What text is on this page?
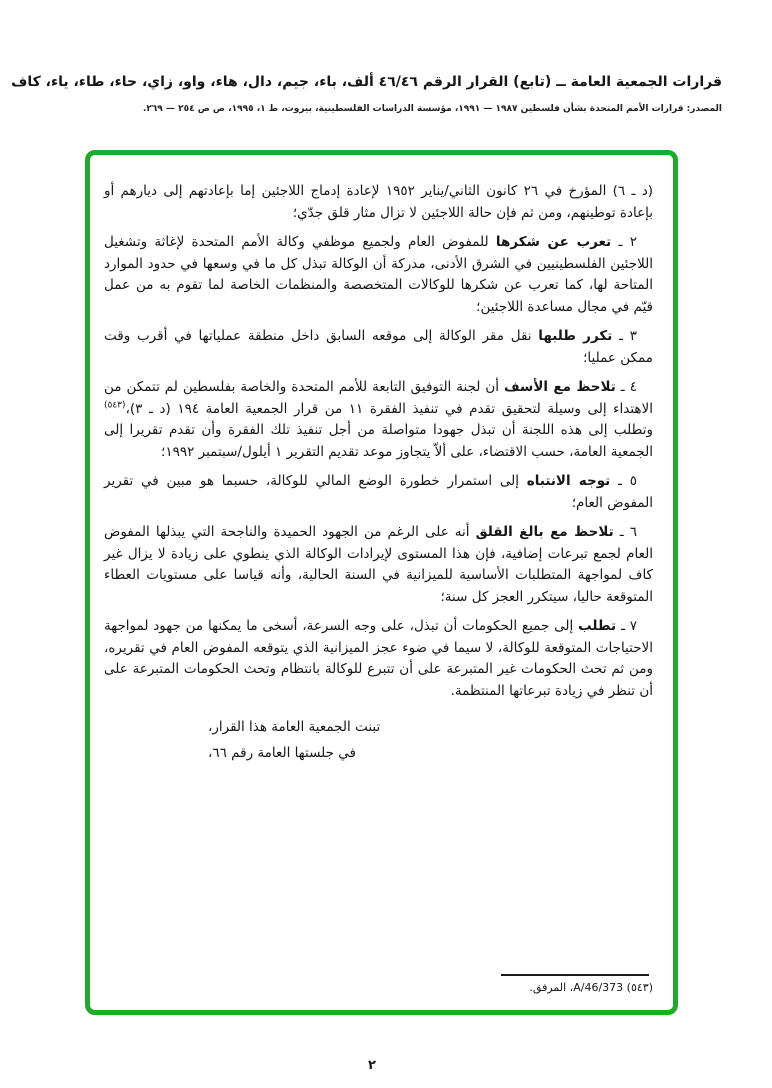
قرارات الجمعية العامة ــ (تابع) القرار الرقم ٤٦/٤٦ ألف، باء، جيم، دال، هاء، واو، زاي، حاء، طاء، ياء، كاف
المصدر: قرارات الأمم المتحدة بشأن فلسطين ١٩٨٧ — ١٩٩١، مؤسسة الدراسات الفلسطينية، بيروت، ط ١، ١٩٩٥، ص ص ٢٥٤ — ٢٦٩.

(د ـ ٦) المؤرخ في ٢٦ كانون الثاني/يناير ١٩٥٢ لإعادة إدماج اللاجئين إما بإعادتهم إلى ديارهم أو بإعادة توطينهم، ومن ثم فإن حالة اللاجئين لا تزال مثار قلق جدّي؛

٢ ـ تعرب عن شكرها للمفوض العام ولجميع موظفي وكالة الأمم المتحدة لإغاثة وتشغيل اللاجئين الفلسطينيين في الشرق الأدنى، مدركة أن الوكالة تبذل كل ما في وسعها في حدود الموارد المتاحة لها، كما تعرب عن شكرها للوكالات المتخصصة والمنظمات الخاصة لما تقوم به من عمل قيّم في مجال مساعدة اللاجئين؛

٣ ـ تكرر طلبها نقل مقر الوكالة إلى موقعه السابق داخل منطقة عملياتها في أقرب وقت ممكن عمليا؛

٤ ـ تلاحظ مع الأسف أن لجنة التوفيق التابعة للأمم المتحدة والخاصة بفلسطين لم تتمكن من الاهتداء إلى وسيلة لتحقيق تقدم في تنفيذ الفقرة ١١ من قرار الجمعية العامة ١٩٤ (د ـ ٣)،$^{(٥٤٣)}$ وتطلب إلى هذه اللجنة أن تبذل جهودا متواصلة من أجل تنفيذ تلك الفقرة وأن تقدم تقريرا إلى الجمعية العامة، حسب الاقتضاء، على ألاّ يتجاوز موعد تقديم التقرير ١ أيلول/سبتمبر ١٩٩٢؛

٥ ـ توجه الانتباه إلى استمرار خطورة الوضع المالي للوكالة، حسبما هو مبين في تقرير المفوض العام؛

٦ ـ تلاحظ مع بالغ القلق أنه على الرغم من الجهود الحميدة والناجحة التي يبذلها المفوض العام لجمع تبرعات إضافية، فإن هذا المستوى لإيرادات الوكالة الذي ينطوي على زيادة لا يزال غير كاف لمواجهة المتطلبات الأساسية للميزانية في السنة الحالية، وأنه قياسا على مستويات العطاء المتوقعة حاليا، سيتكرر العجز كل سنة؛

٧ ـ تطلب إلى جميع الحكومات أن تبذل، على وجه السرعة، أسخى ما يمكنها من جهود لمواجهة الاحتياجات المتوقعة للوكالة، لا سيما في ضوء عجز الميزانية الذي يتوقعه المفوض العام في تقريره، ومن ثم تحث الحكومات غير المتبرعة على أن تتبرع للوكالة بانتظام وتحث الحكومات المتبرعة على أن تنظر في زيادة تبرعاتها المنتظمة.

تبنت الجمعية العامة هذا القرار،
في جلستها العامة رقم ٦٦،
(٥٤٣) A/46/373، المرفق.
٢
